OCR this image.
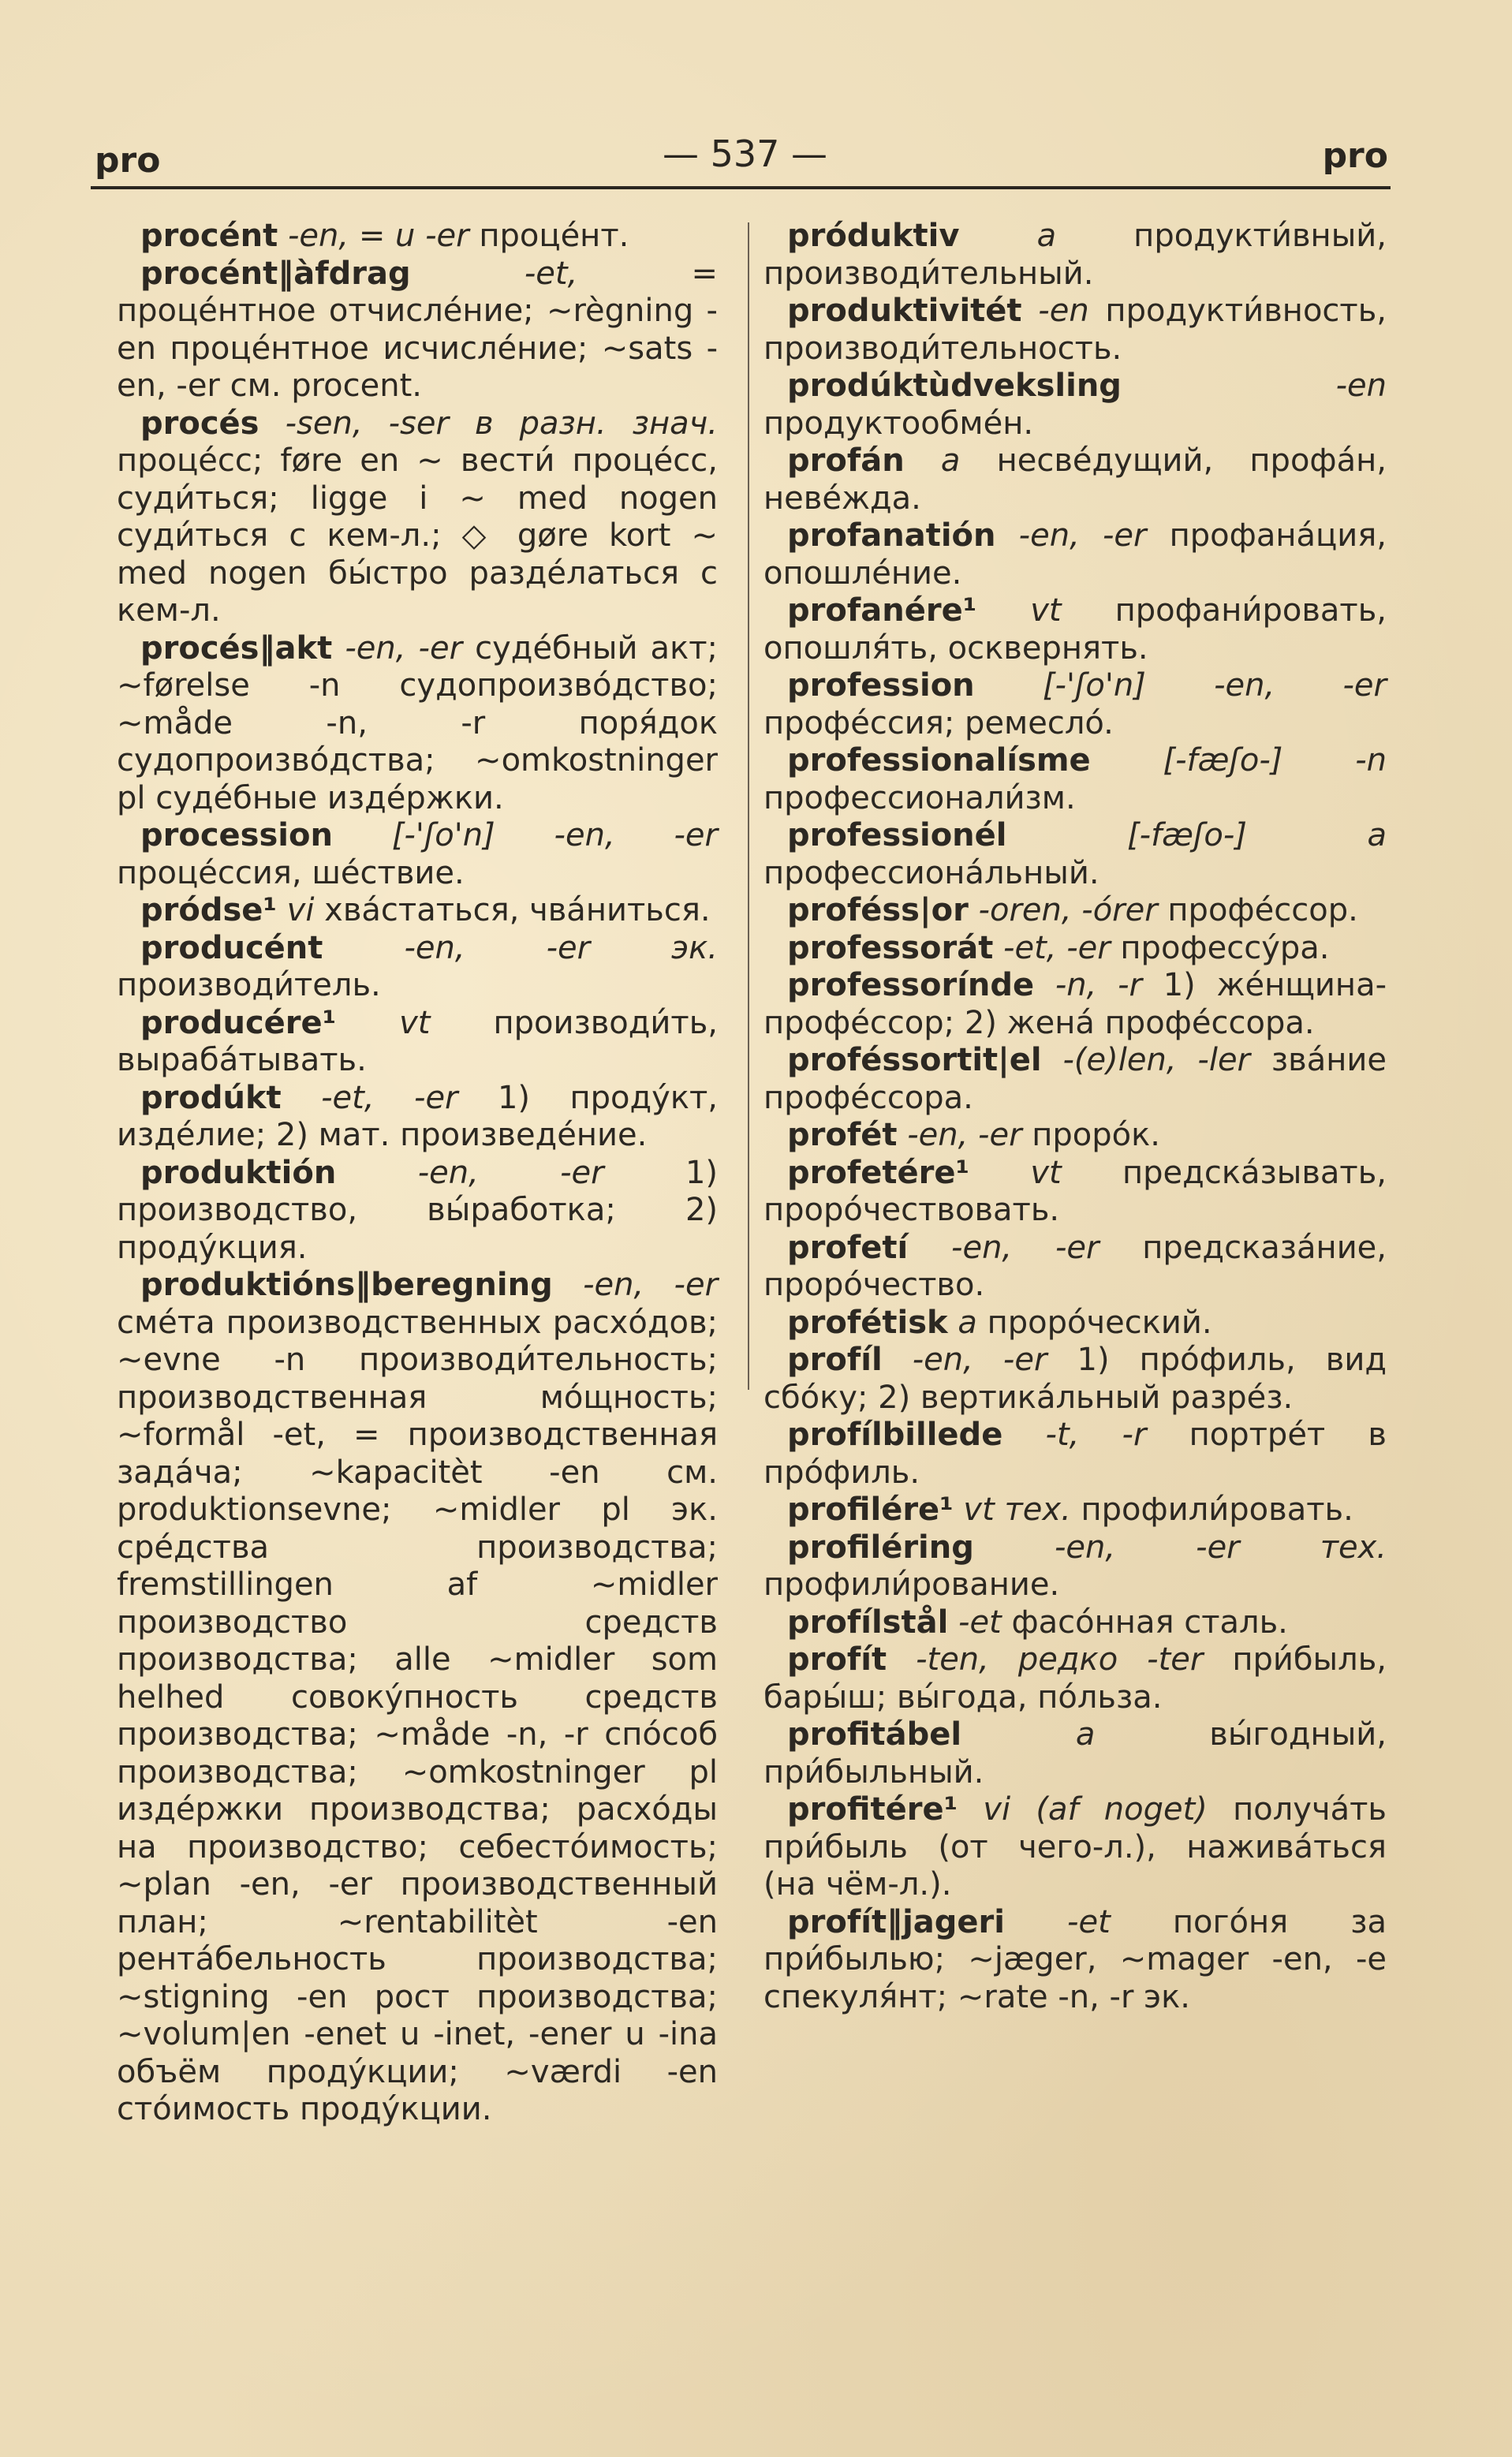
pro	— 537 —	pro

procént -en, = u -er процéнт.

procént‖àfdrag	-et, = процéнтное отчислéние; ~règning -en процéнтное исчислéние; ~sats -en, -er см. procent.

procés -sen, -ser в разн. знач. процéсс; føre en ~ вести́ процéсс, суди́ться; ligge i ~ med nogen суди́ться с кем-л.; ◇ gøre kort ~ med nogen бы́стро разде́латься с кем-л.

procés‖akt -en, -er судéбный акт; ~førelse -n судопроизвóдство; ~måde -n, -r поря́док судопроизвóдства; ~omkostninger pl судéбные издéржки.

procession [-'ʃo'n] -en, -er процéссия, шéствие.

pródse¹ vi хвáстаться, чвáниться.

producént	-en, -er эк. производи́тель.

producére¹ vt производи́ть, вырабáтывать.

prodúkt -et, -er 1) продýкт, издéлие; 2) мат. произведéние.

produktión	-en, -er	1) производство, вы́работка; 2) продýкция.

produktións‖beregning -en, -er смéта производственных расхóдов; ~evne -n производи́тельность; производственная мóщность; ~formål -et, = производственная задáча; ~kapacitèt -en см. produktionsevne; ~midler pl эк. срéдства производства; fremstillingen af ~midler производство средств производства; alle ~midler som helhed совокýпность средств производства; ~måde -n, -r спóсоб производства; ~omkostninger pl издéржки производства; расхóды на производство; себестóимость; ~plan -en, -er производственный план; ~rentabilitèt -en рентáбельность производства; ~stigning -en рост производства; ~volum|en -enet u -inet, -ener u -ina объём продýкции; ~værdi -en стóимость продýкции.

próduktiv a продукти́вный, производи́тельный.

produktivitét -en продукти́вность, производи́тельность.

prodúktùdveksling	-en продуктообмéн.

profán a несвéдущий, профáн, невéжда.

profanatión -en, -er профанáция, опошлéние.

profanére¹ vt профани́ровать, опошля́ть, осквернять.

profession [-'ʃo'n] -en, -er профéссия; ремеслó.

professionalísme [-fæʃo-] -n профессионали́зм.

professionél	[-fæʃo-] a профессионáльный.

proféss|or -oren, -órer профéссор.

professorát -et, -er профессýра.

professorínde -n, -r 1) жéнщина-профéссор; 2) женá профéссора.

proféssortit|el -(e)len, -ler звáние профéссора.

profét -en, -er прорóк.

profetére¹ vt предскáзывать, прорóчествовать.

profetí -en, -er предсказáние, прорóчество.

profétisk a прорóческий.

profíl -en, -er 1) прóфиль, вид сбóку; 2) вертикáльный разрéз.

profílbillede -t, -r портрéт в прóфиль.

profilére¹ vt тех. профили́ровать.

profiléring	-en, -er тех. профили́рование.

profílstål -et фасóнная сталь.

profít -ten, редко -ter при́быль, бары́ш; вы́года, пóльза.

profitábel	a	вы́годный, при́быльный.

profitére¹ vi (af noget) получáть при́быль (от чего-л.), наживáться (на чём-л.).

profít‖jageri -et погóня за при́былью; ~jæger, ~mager -en, -e спекуля́нт; ~rate -n, -r эк.
